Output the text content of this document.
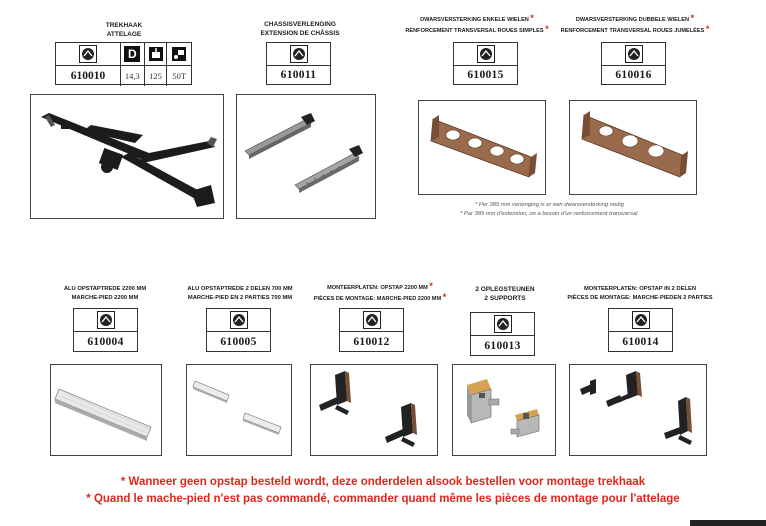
TREKHAAK
ATTELAGE
D
610010 14,3 125 50T
CHASSISVERLENGING
EXTENSION DE CHÂSSIS
610011
DWARSVERSTERKING ENKELE WIELEN *
RENFORCEMENT TRANSVERSAL ROUES SIMPLES *
610015
DWARSVERSTERKING DUBBELE WIELEN *
RENFORCEMENT TRANSVERSAL ROUES JUMELÉES *
610016
* Per 385 mm verlenging is er een dwarsversterking nodig
* Par 385 mm d'extension, on a besoin d'un renforcement transversal
ALU OPSTAPTREDE 2200 MM
MARCHE-PIED 2200 MM
610004
ALU OPSTAPTREDE 2 DELEN 700 MM
MARCHE-PIED EN 2 PARTIES 700 MM
610005
MONTEERPLATEN: OPSTAP 2200 MM *
PIÈCES DE MONTAGE: MARCHE-PIED 2200 MM *
610012
2 OPLEGSTEUNEN
2 SUPPORTS
610013
MONTEERPLATEN: OPSTAP IN 2 DELEN
PIÈCES DE MONTAGE: MARCHE-PIEDEN 2 PARTIES
610014
* Wanneer geen opstap besteld wordt, deze onderdelen alsook bestellen voor montage trekhaak
* Quand le mache-pied n'est pas commandé, commander quand même les pièces de montage pour l'attelage
